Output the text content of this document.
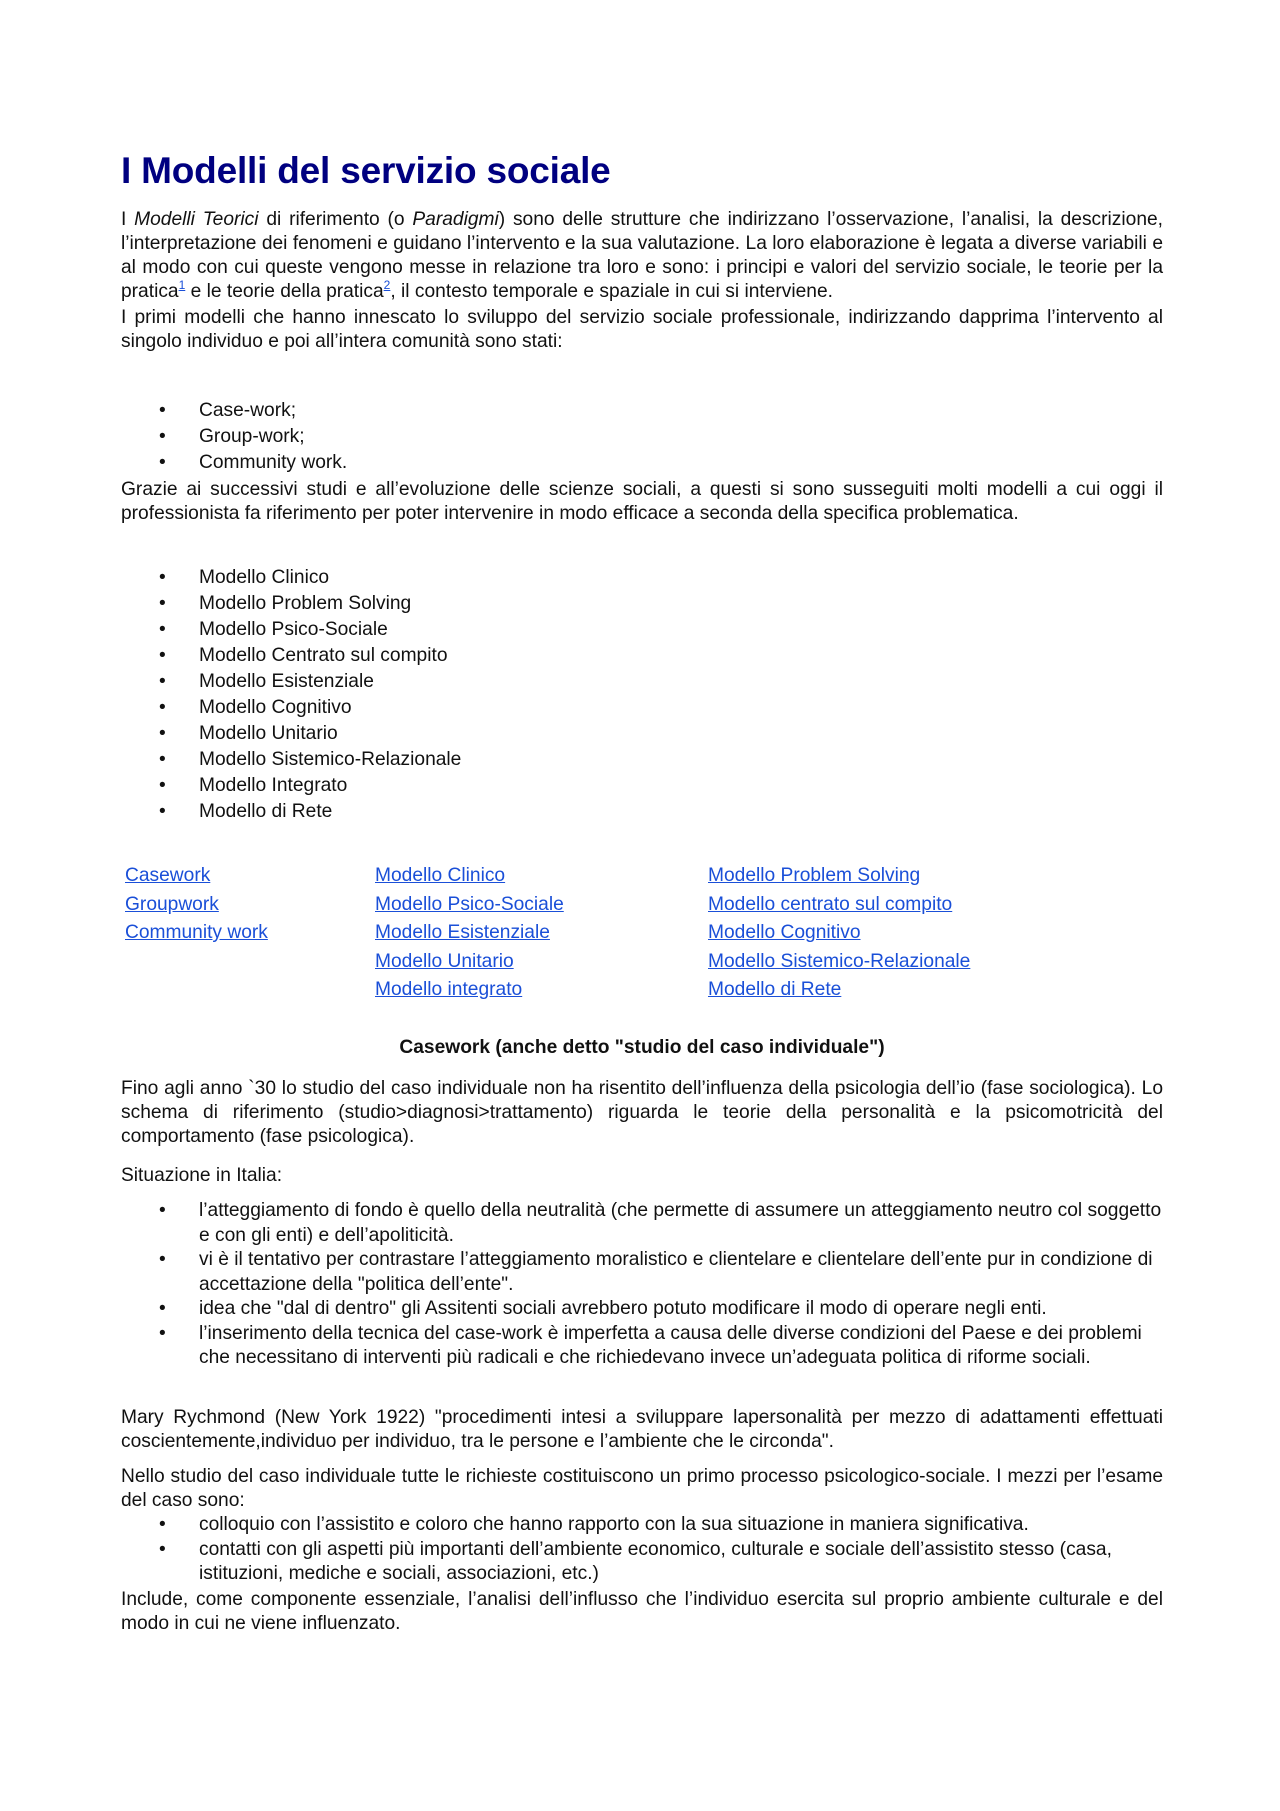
I Modelli del servizio sociale

I Modelli Teorici di riferimento (o Paradigmi) sono delle strutture che indirizzano l’osservazione, l’analisi, la descrizione, l’interpretazione dei fenomeni e guidano l’intervento e la sua valutazione. La loro elaborazione è legata a diverse variabili e al modo con cui queste vengono messe in relazione tra loro e sono: i principi e valori del servizio sociale, le teorie per la pratica$^1$ e le teorie della pratica$^2$, il contesto temporale e spaziale in cui si interviene.

I primi modelli che hanno innescato lo sviluppo del servizio sociale professionale, indirizzando dapprima l’intervento al singolo individuo e poi all’intera comunità sono stati:

• Case-work;
• Group-work;
• Community work.

Grazie ai successivi studi e all’evoluzione delle scienze sociali, a questi si sono susseguiti molti modelli a cui oggi il professionista fa riferimento per poter intervenire in modo efficace a seconda della specifica problematica.

• Modello Clinico
• Modello Problem Solving
• Modello Psico-Sociale
• Modello Centrato sul compito
• Modello Esistenziale
• Modello Cognitivo
• Modello Unitario
• Modello Sistemico-Relazionale
• Modello Integrato
• Modello di Rete
Casework
Groupwork
Community work
Modello Clinico
Modello Psico-Sociale
Modello Esistenziale
Modello Unitario
Modello integrato
Modello Problem Solving
Modello centrato sul compito
Modello Cognitivo
Modello Sistemico-Relazionale
Modello di Rete
Casework (anche detto "studio del caso individuale")

Fino agli anno `30 lo studio del caso individuale non ha risentito dell’influenza della psicologia dell’io (fase sociologica). Lo schema di riferimento (studio>diagnosi>trattamento) riguarda le teorie della personalità e la psicomotricità del comportamento (fase psicologica).

Situazione in Italia:

• l’atteggiamento di fondo è quello della neutralità (che permette di assumere un atteggiamento neutro col soggetto e con gli enti) e dell’apoliticità.
• vi è il tentativo per contrastare l’atteggiamento moralistico e clientelare e clientelare dell’ente pur in condizione di accettazione della "politica dell’ente".
• idea che "dal di dentro" gli Assitenti sociali avrebbero potuto modificare il modo di operare negli enti.
• l’inserimento della tecnica del case-work è imperfetta a causa delle diverse condizioni del Paese e dei problemi che necessitano di interventi più radicali e che richiedevano invece un’adeguata politica di riforme sociali.

Mary Rychmond (New York 1922) "procedimenti intesi a sviluppare lapersonalità per mezzo di adattamenti effettuati coscientemente,individuo per individuo, tra le persone e l’ambiente che le circonda".

Nello studio del caso individuale tutte le richieste costituiscono un primo processo psicologico-sociale. I mezzi per l’esame del caso sono:

• colloquio con l’assistito e coloro che hanno rapporto con la sua situazione in maniera significativa.
• contatti con gli aspetti più importanti dell’ambiente economico, culturale e sociale dell’assistito stesso (casa, istituzioni, mediche e sociali, associazioni, etc.)

Include, come componente essenziale, l’analisi dell’influsso che l’individuo esercita sul proprio ambiente culturale e del modo in cui ne viene influenzato.
